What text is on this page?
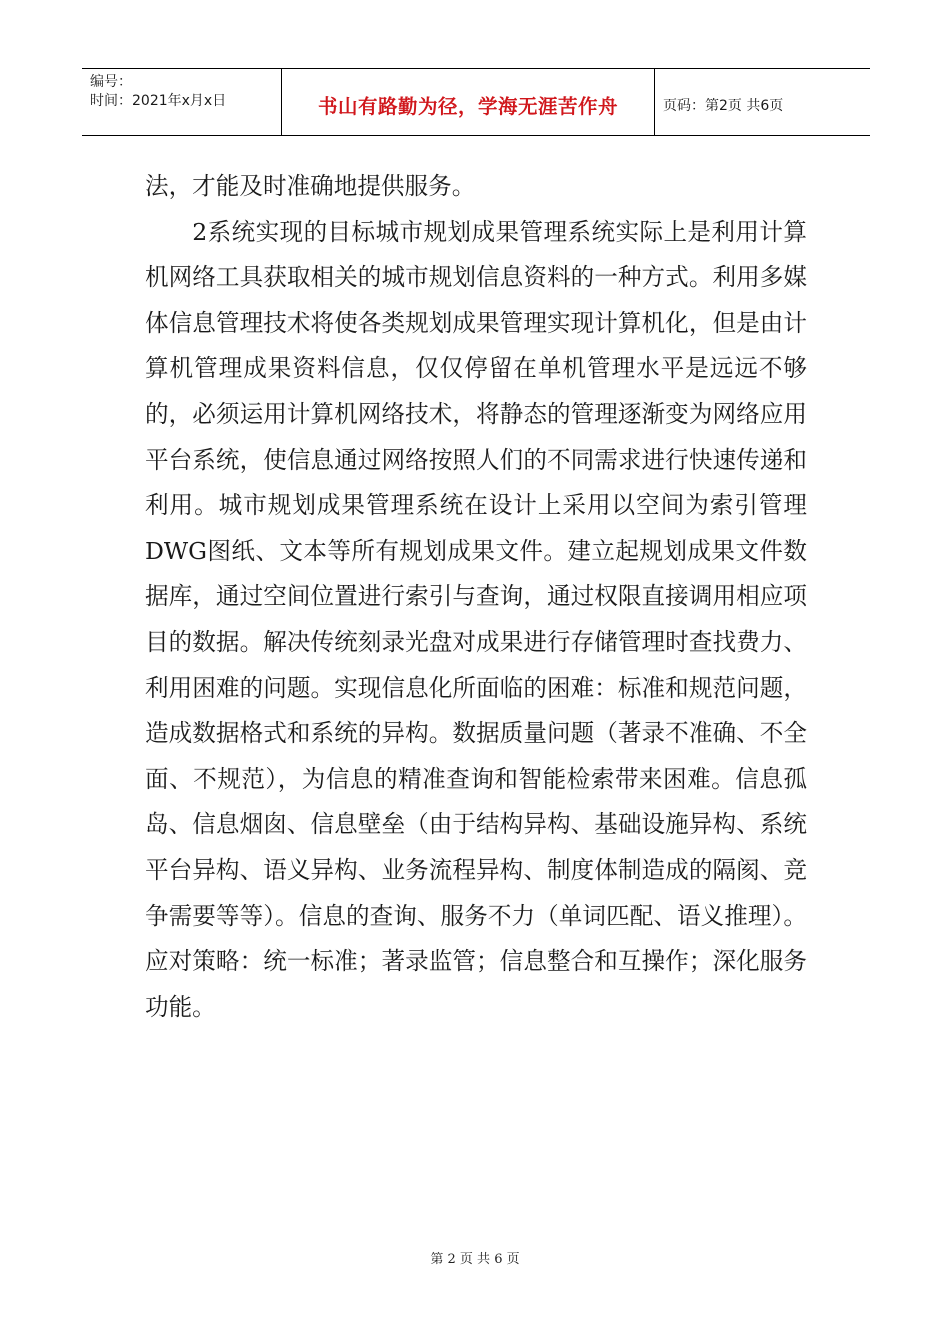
编号：
时间：2021年x月x日	书山有路勤为径，学海无涯苦作舟	页码：第2页 共6页

法，才能及时准确地提供服务。

2系统实现的目标城市规划成果管理系统实际上是利用计算机网络工具获取相关的城市规划信息资料的一种方式。利用多媒体信息管理技术将使各类规划成果管理实现计算机化，但是由计算机管理成果资料信息，仅仅停留在单机管理水平是远远不够的，必须运用计算机网络技术，将静态的管理逐渐变为网络应用平台系统，使信息通过网络按照人们的不同需求进行快速传递和利用。城市规划成果管理系统在设计上采用以空间为索引管理DWG图纸、文本等所有规划成果文件。建立起规划成果文件数据库，通过空间位置进行索引与查询，通过权限直接调用相应项目的数据。解决传统刻录光盘对成果进行存储管理时查找费力、利用困难的问题。实现信息化所面临的困难：标准和规范问题，造成数据格式和系统的异构。数据质量问题（著录不准确、不全面、不规范），为信息的精准查询和智能检索带来困难。信息孤岛、信息烟囱、信息壁垒（由于结构异构、基础设施异构、系统平台异构、语义异构、业务流程异构、制度体制造成的隔阂、竞争需要等等）。信息的查询、服务不力（单词匹配、语义推理）。应对策略：统一标准；著录监管；信息整合和互操作；深化服务功能。

第 2 页 共 6 页
